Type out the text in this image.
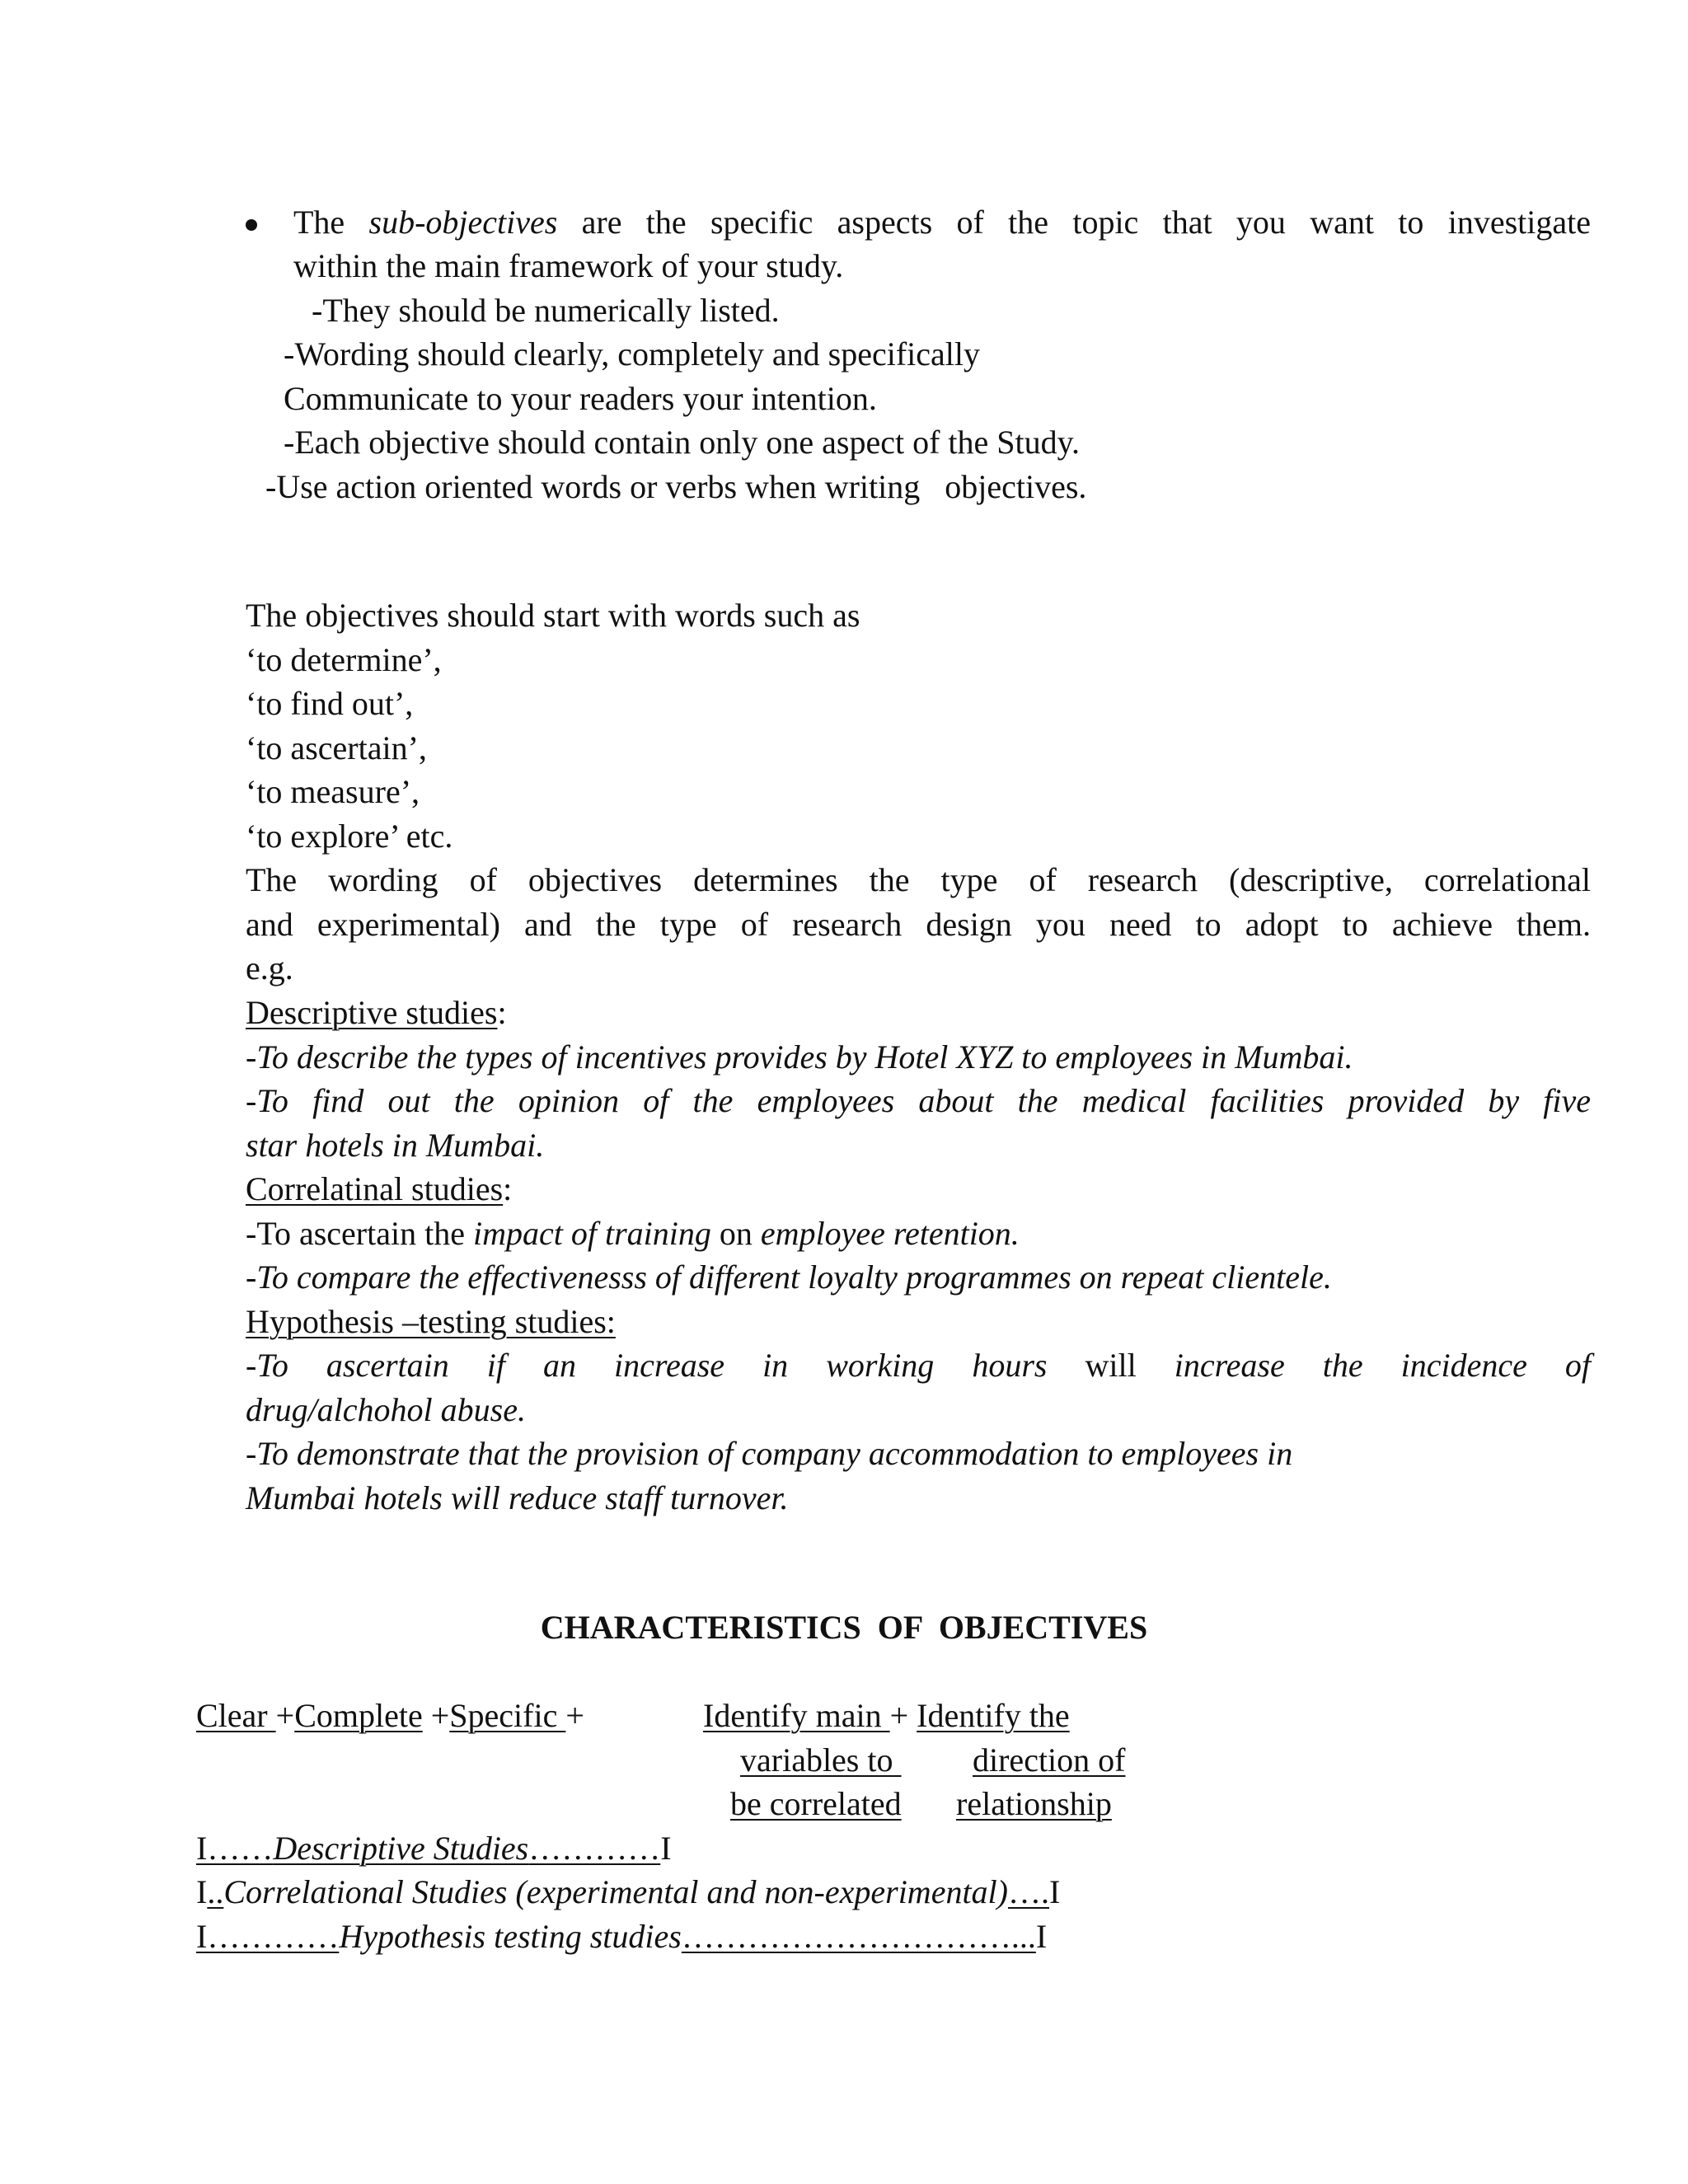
The sub-objectives are the specific aspects of the topic that you want to investigate
within the main framework of your study.
-They should be numerically listed.
-Wording should clearly, completely and specifically
Communicate to your readers your intention.
-Each objective should contain only one aspect of the Study.
-Use action oriented words or verbs when writing   objectives.
The objectives should start with words such as
‘to determine’,
‘to find out’,
‘to ascertain’,
‘to measure’,
‘to explore’ etc.
The wording of objectives determines the type of research (descriptive, correlational
and experimental) and the type of research design you need to adopt to achieve them.
e.g.
Descriptive studies:
-To describe the types of incentives provides by Hotel XYZ to employees in Mumbai.
-To find out the opinion of the employees about the medical facilities provided by five
star hotels in Mumbai.
Correlatinal studies:
-To ascertain the impact of training on employee retention.
-To compare the effectivenesss of different loyalty programmes on repeat clientele.
Hypothesis –testing studies:
-To ascertain if an increase in working hours will increase the incidence of
drug/alchohol abuse.
-To demonstrate that the provision of company accommodation to employees in
Mumbai hotels will reduce staff turnover.
CHARACTERISTICS  OF  OBJECTIVES
Clear +Complete +Specific +	Identify main + Identify the
variables to direction of
be correlated relationship
I……Descriptive Studies…………I
I..Correlational Studies (experimental and non-experimental)….I
I…………Hypothesis testing studies…………………………...I
